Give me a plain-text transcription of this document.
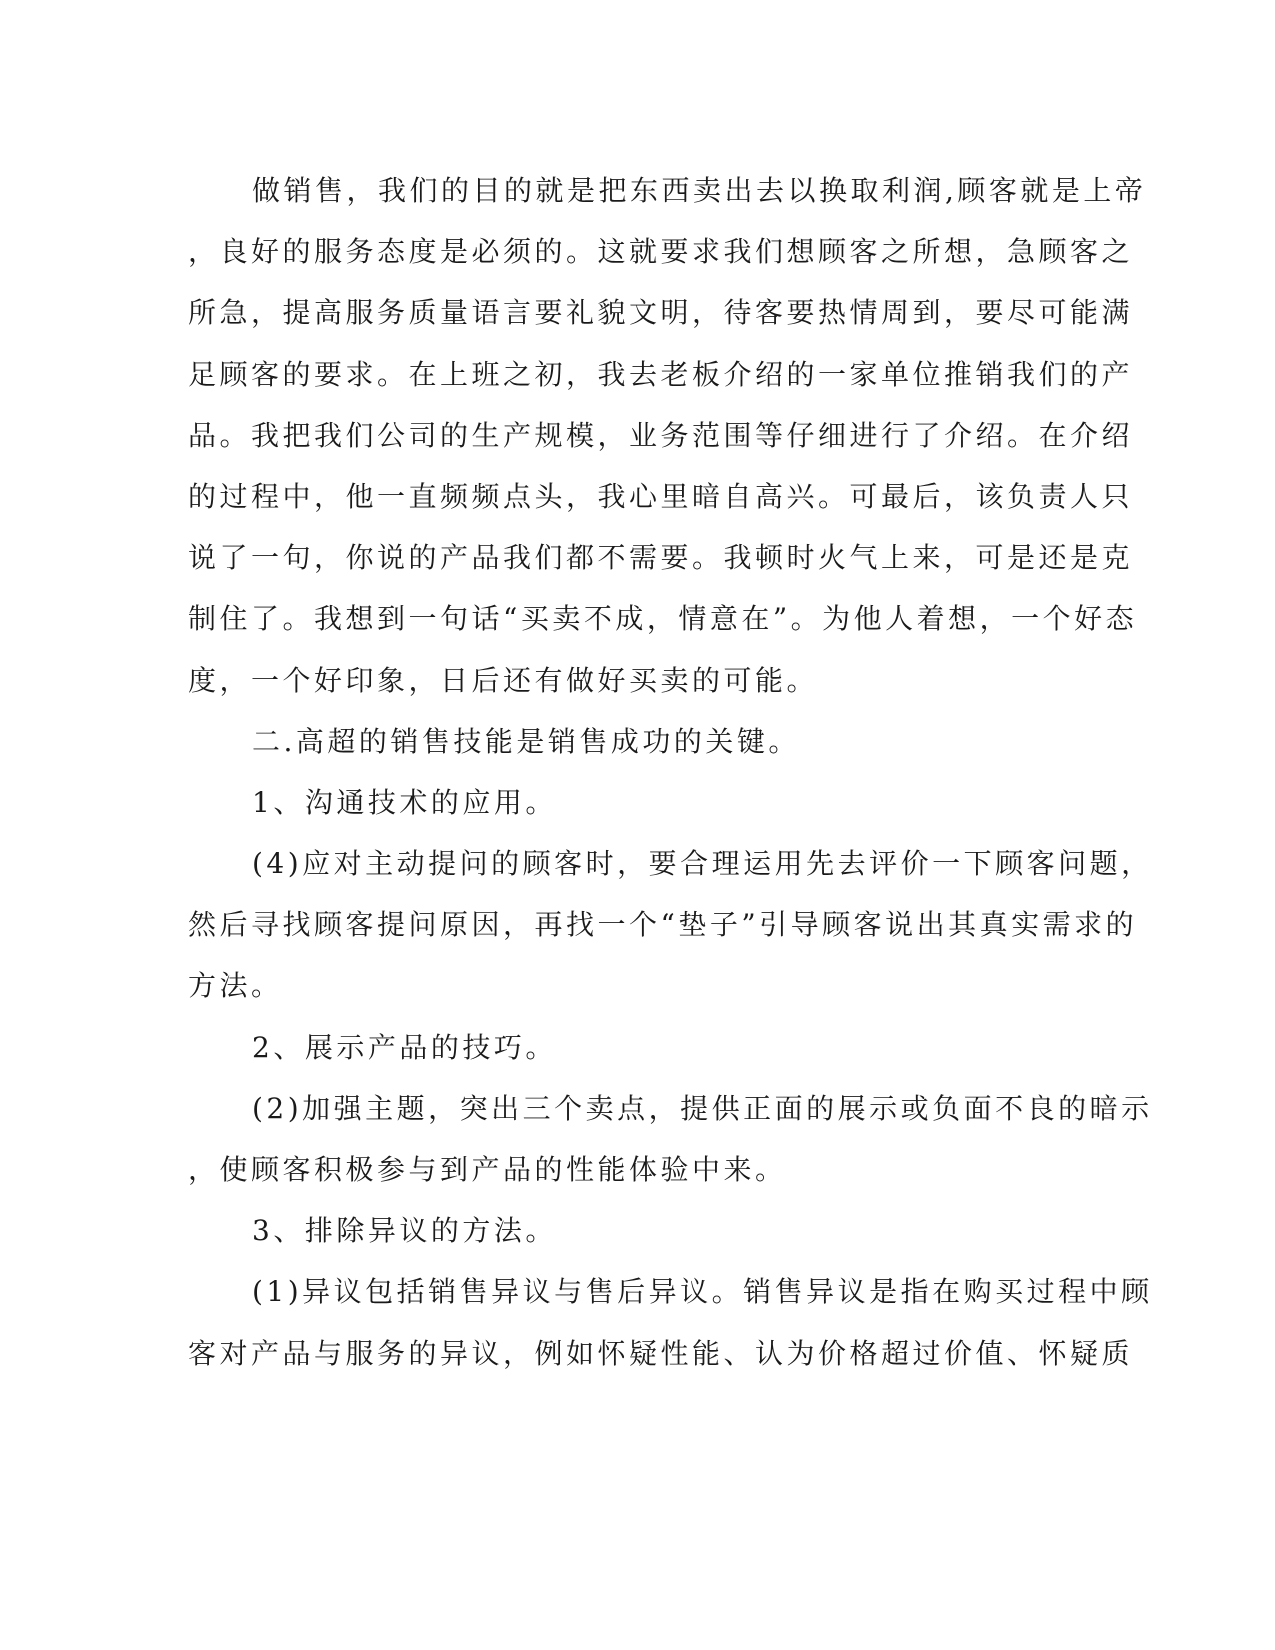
做销售，我们的目的就是把东西卖出去以换取利润,顾客就是上帝
，良好的服务态度是必须的。这就要求我们想顾客之所想，急顾客之
所急，提高服务质量语言要礼貌文明，待客要热情周到，要尽可能满
足顾客的要求。在上班之初，我去老板介绍的一家单位推销我们的产
品。我把我们公司的生产规模，业务范围等仔细进行了介绍。在介绍
的过程中，他一直频频点头，我心里暗自高兴。可最后，该负责人只
说了一句，你说的产品我们都不需要。我顿时火气上来，可是还是克
制住了。我想到一句话“买卖不成，情意在”。为他人着想，一个好态
度，一个好印象，日后还有做好买卖的可能。
二.高超的销售技能是销售成功的关键。
1、沟通技术的应用。
(4)应对主动提问的顾客时，要合理运用先去评价一下顾客问题，
然后寻找顾客提问原因，再找一个“垫子”引导顾客说出其真实需求的
方法。
2、展示产品的技巧。
(2)加强主题，突出三个卖点，提供正面的展示或负面不良的暗示
，使顾客积极参与到产品的性能体验中来。
3、排除异议的方法。
(1)异议包括销售异议与售后异议。销售异议是指在购买过程中顾
客对产品与服务的异议，例如怀疑性能、认为价格超过价值、怀疑质
